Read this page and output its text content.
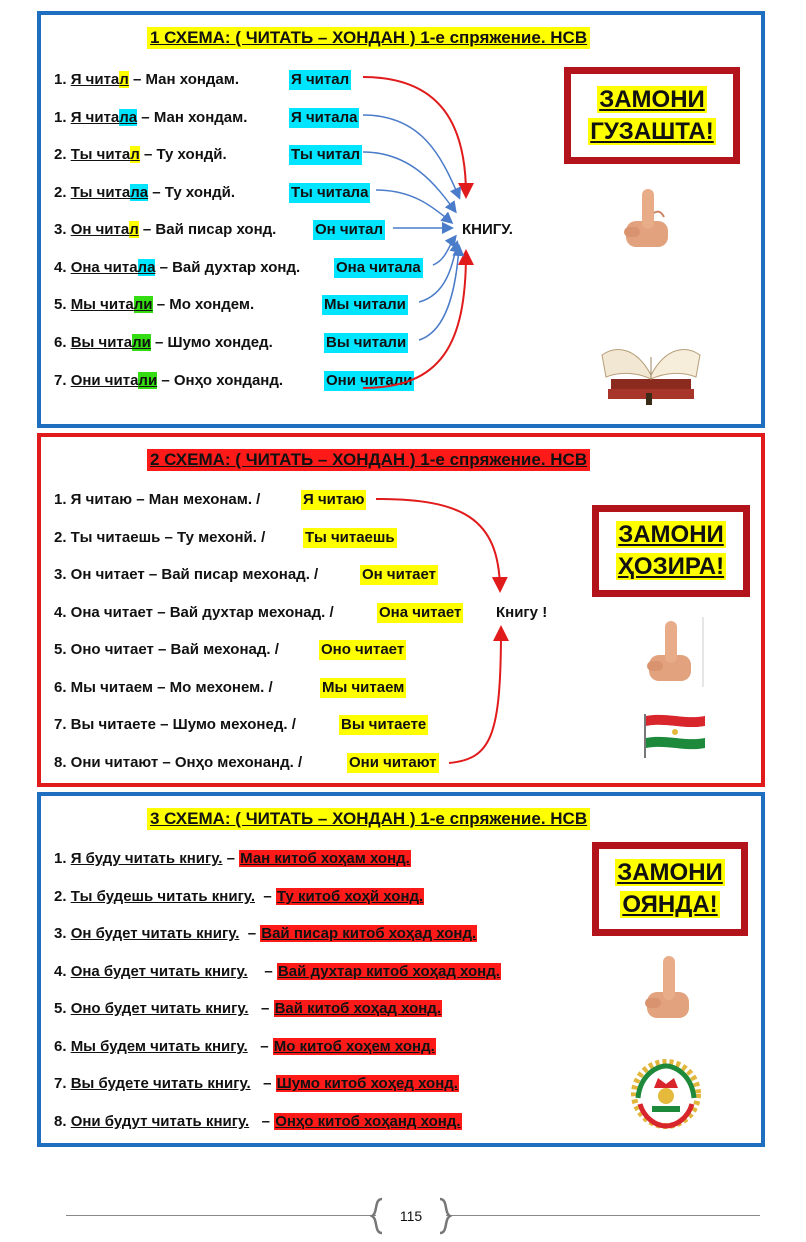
1 СХЕМА: ( ЧИТАТЬ – ХОНДАН ) 1-е спряжение. НСВ
1. Я читал – Ман хондам.
1. Я читала – Ман хондам.
2. Ты читал – Ту хондй.
2. Ты читала – Ту хондй.
3. Он читал – Вай писар хонд.
4. Она читала – Вай духтар хонд.
5. Мы читали – Мо хондем.
6. Вы читали – Шумо хондед.
7. Они читали – Онҳо хонданд.
Я читал
Я читала
Ты читал
Ты читала
Он читал
Она читала
Мы читали
Вы читали
Они читали
КНИГУ.
ЗАМОНИ
ГУЗАШТА!
2 СХЕМА: ( ЧИТАТЬ – ХОНДАН ) 1-е спряжение. НСВ
1. Я читаю – Ман мехонам. /
2. Ты читаешь – Ту мехонй. /
3. Он читает – Вай писар мехонад. /
4. Она читает – Вай духтар мехонад. /
5. Оно читает – Вай мехонад. /
6. Мы читаем – Мо мехонем. /
7. Вы читаете – Шумо мехонед. /
8. Они читают – Онҳо мехонанд. /
Я читаю
Ты читаешь
Он читает
Она читает
Оно читает
Мы читаем
Вы читаете
Они читают
Книгу !
ЗАМОНИ
ҲОЗИРА!
3 СХЕМА: ( ЧИТАТЬ – ХОНДАН ) 1-е спряжение. НСВ
1. Я буду читать книгу. – Ман китоб хоҳам хонд.
2. Ты будешь читать книгу.  – Ту китоб хоҳй хонд.
3. Он будет читать книгу.  – Вай писар китоб хоҳад хонд.
4. Она будет читать книгу.    – Вай духтар китоб хоҳад хонд.
5. Оно будет читать книгу.   – Вай китоб хоҳад хонд.
6. Мы будем читать книгу.   – Мо китоб хоҳем хонд.
7. Вы будете читать книгу.   – Шумо китоб хоҳед хонд.
8. Они будут читать книгу.   – Онҳо китоб хоҳанд хонд.
ЗАМОНИ
ОЯНДА!
115
